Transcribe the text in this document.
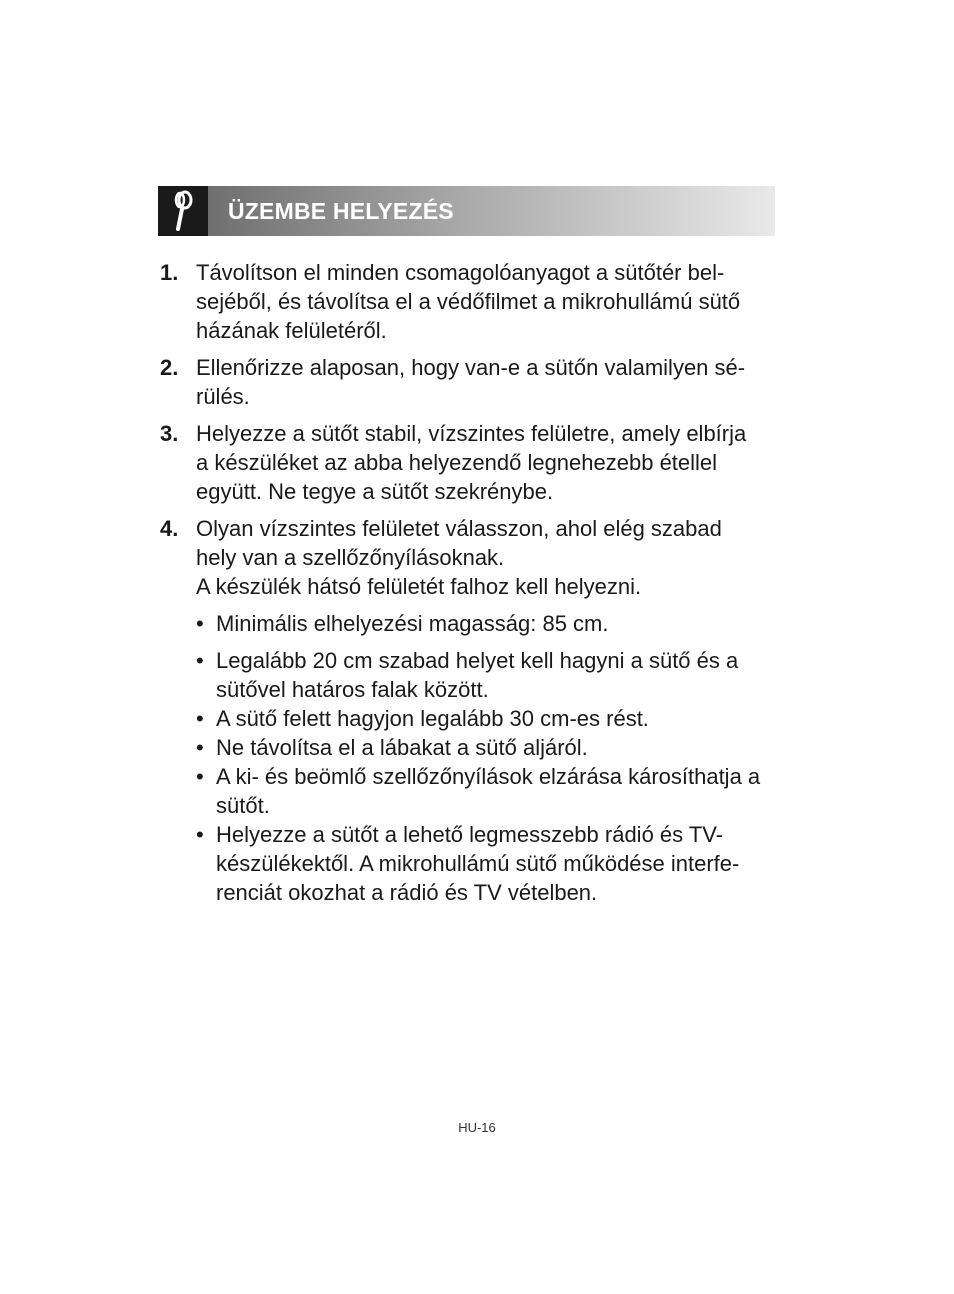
ÜZEMBE HELYEZÉS
1. Távolítson el minden csomagolóanyagot a sütőtér bel-
sejéből, és távolítsa el a védőfilmet a mikrohullámú sütő
házának felületéről.
2. Ellenőrizze alaposan, hogy van-e a sütőn valamilyen sé-
rülés.
3. Helyezze a sütőt stabil, vízszintes felületre, amely elbírja
a készüléket az abba helyezendő legnehezebb étellel
együtt. Ne tegye a sütőt szekrénybe.
4. Olyan vízszintes felületet válasszon, ahol elég szabad
hely van a szellőzőnyílásoknak.
A készülék hátsó felületét falhoz kell helyezni.
• Minimális elhelyezési magasság: 85 cm.
• Legalább 20 cm szabad helyet kell hagyni a sütő és a
sütővel határos falak között.
• A sütő felett hagyjon legalább 30 cm-es rést.
• Ne távolítsa el a lábakat a sütő aljáról.
• A ki- és beömlő szellőzőnyílások elzárása károsíthatja a
sütőt.
• Helyezze a sütőt a lehető legmesszebb rádió és TV-
készülékektől. A mikrohullámú sütő működése interfe-
renciát okozhat a rádió és TV vételben.
HU-16
